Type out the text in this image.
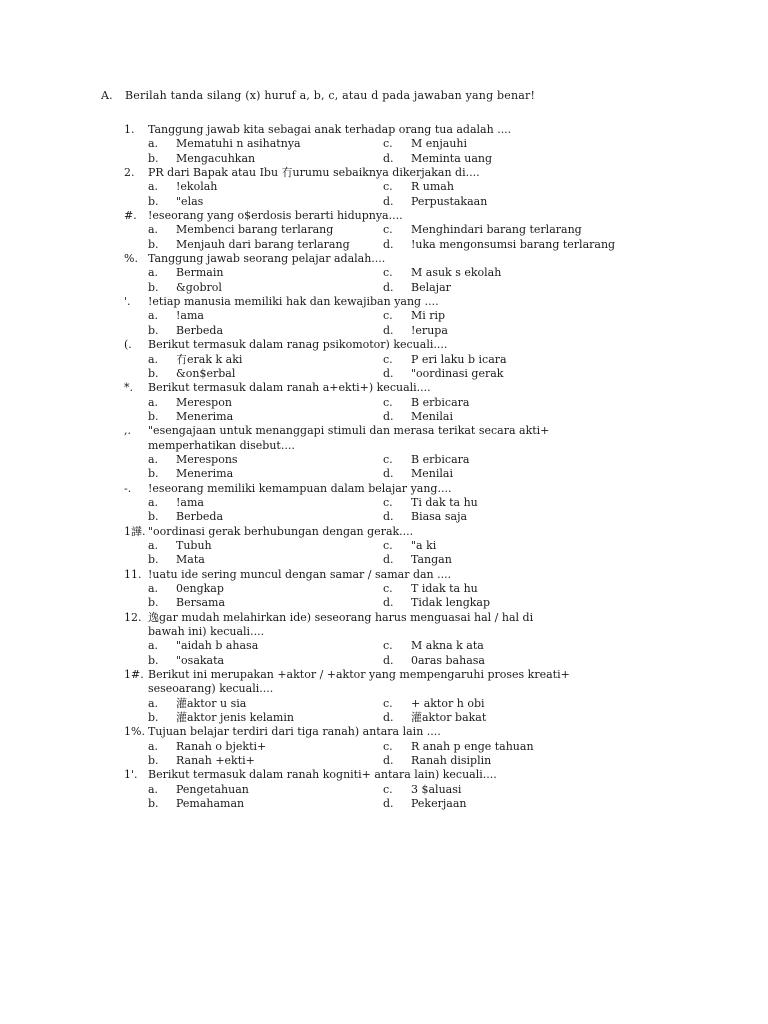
A. Berilah tanda silang (x) huruf a, b, c, atau d pada jawaban yang benar!
1.	Tanggung jawab kita sebagai anak terhadap orang tua adalah ....
a.	Mematuhi n asihatnya	c.	M enjauhi
b.	Mengacuhkan	d.	Meminta uang
2.	PR dari Bapak atau Ibu 冇urumu sebaiknya dikerjakan di....
a.	!ekolah	c.	R umah
b.	"elas	d.	Perpustakaan
#.	!eseorang yang o$erdosis berarti hidupnya....
a.	Membenci barang terlarang	c.	Menghindari barang terlarang
b.	Menjauh dari barang terlarang	d.	!uka mengonsumsi barang terlarang
%. Tanggung jawab seorang pelajar adalah....
a.	Bermain	c.	M asuk s ekolah
b.	&gobrol	d.	Belajar
'.	!etiap manusia memiliki hak dan kewajiban yang ....
a.	!ama	c.	Mi rip
b.	Berbeda	d.	!erupa
(.	Berikut termasuk dalam ranag psikomotor) kecuali....
a.	冇erak k aki	c.	P eri laku b icara
b.	&on$erbal	d.	"oordinasi gerak
*.	Berikut termasuk dalam ranah a+ekti+) kecuali....
a.	Merespon	c.	B erbicara
b.	Menerima	d.	Menilai
,.	"esengajaan untuk menanggapi stimuli dan merasa terikat secara akti+
memperhatikan disebut....
a.	Merespons	c.	B erbicara
b.	Menerima	d.	Menilai
-.	!eseorang memiliki kemampuan dalam belajar yang....
a.	!ama	c.	Ti dak ta hu
b.	Berbeda	d.	Biasa saja
1譁. "oordinasi gerak berhubungan dengan gerak....
a.	Tubuh	c.	"a ki
b.	Mata	d.	Tangan
11. !uatu ide sering muncul dengan samar / samar dan ....
a.	0engkap	c.	T idak ta hu
b.	Bersama	d.	Tidak lengkap
12. 逸gar mudah melahirkan ide) seseorang harus menguasai hal / hal di
bawah ini) kecuali....
a.	"aidah b ahasa	c.	M akna k ata
b.	"osakata	d.	0aras bahasa
1#. Berikut ini merupakan +aktor / +aktor yang mempengaruhi proses kreati+
seseoarang) kecuali....
a.	灌aktor u sia	c.	+ aktor h obi
b.	灌aktor jenis kelamin	d.	灌aktor bakat
1%. Tujuan belajar terdiri dari tiga ranah) antara lain ....
a.	Ranah o bjekti+	c.	R anah p enge tahuan
b.	Ranah +ekti+	d.	Ranah disiplin
1'. Berikut termasuk dalam ranah kogniti+ antara lain) kecuali....
a.	Pengetahuan	c.	3 $aluasi
b.	Pemahaman	d.	Pekerjaan
